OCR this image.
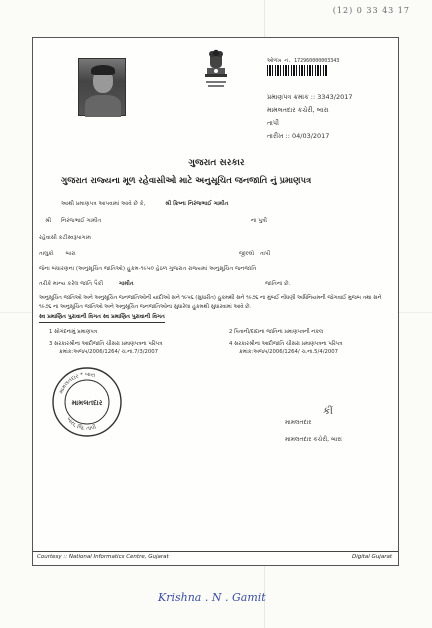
(12) 0 33 43 17
ઓળખ નં. 172960000003343
પ્રમાણપત્ર ક્રમાંક :: 3343/2017
મામલતદાર કચેરી, બારા
તાપી
તારીખ :: 04/03/2017
ગુજરાત સરકાર
ગુજરાત રાજ્યના મૂળ રહેવાસીઓ માટે અનુસૂચિત જનજાતિ નું પ્રમાણપત્ર
આથી પ્રમાણપત્ર આપવામાં આવે છે કે,	શ્રી ક્રિષ્ના નિરંજભાઈ ગામીત
શ્રી નિરંજભાઈ ગામીત	ના પુત્રી
રહેવાસી કટીસ્વરૂપાગામ
તાલુકો બારા	જીલ્લો તાપી
જેના બંધારણના (અનુસૂચિત જાતિઓ) હુકમ-૧૯૫૦ હેઠળ ગુજરાત રાજ્યમાં અનુસૂચિત જનજાતિ
તરીકે માન્ય કરેલ જાતિ પૈકી	ગામીત	જાતિના છે.
અનુસૂચિત જાતિઓ અને અનુસૂચિત જનજાતિઓની યાદીઓ સને ૧૯૫૬ (સુધારીત) હુકમથી સને ૧૯૭૬ ના મુંબઈ નોંધણી અધિનિયમની જોગવાઈ મુજબ તથા સને ૧૯૭૬ ના અનુસૂચિત જાતિઓ અને અનુસૂચિત જનજાતિઓના સુધારેલા હુકમથી સુધારવામાં આવે છે.
સ્વ પ્રમાણિત પુરાવાની વિગત સ્વ પ્રમાણિત પુરાવાની વિગત
1 સોગંદનામું પ્રમાણપત્ર	2 પિતાની/દાદાના જાતિના પ્રમાણપત્રની નકલ
3 સરકારશ્રીના આદીજાતિ ચીસરા પ્રમાણપત્રના પરિપત્ર
ક્રમાંક:અજપ/2006/1264/ ચ.ના.7/3/2007
4 સરકારશ્રીના આદીજાતિ ચીસરા પ્રમાણપત્રના પરિપત્ર
ક્રમાંક:અજપ/2006/1264/ ચ.ના.5/4/2007
મામલતદાર * બારા
મામલતદાર
બારા, જિ. તાપી
કીં
મામલતદાર
મામલતદાર કચેરી, બારા
Courtesy :: National Informatics Centre, Gujarat	Digital Gujarat
Krishna . N . Gamit
